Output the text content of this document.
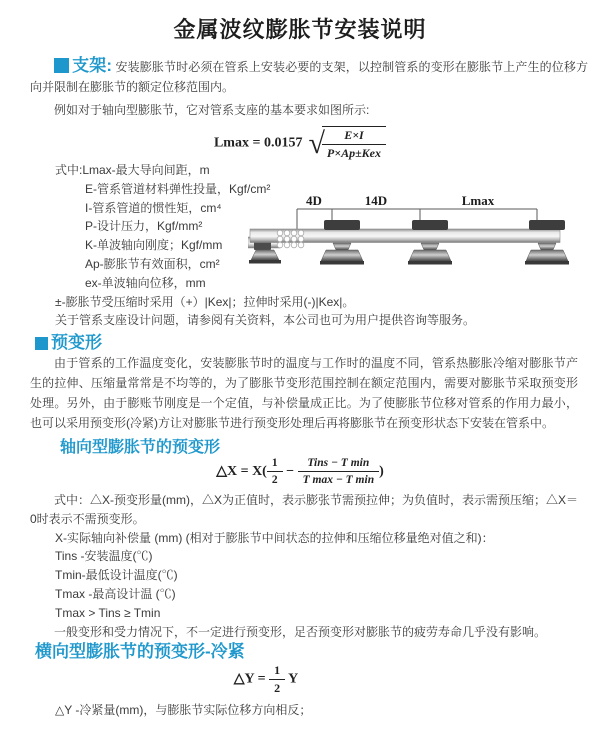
金属波纹膨胀节安装说明

支架: 安装膨胀节时必须在管系上安装必要的支架，以控制管系的变形在膨胀节上产生的位移方向并限制在膨胀节的额定位移范围内。

例如对于轴向型膨胀节，它对管系支座的基本要求如图所示:

Lmax = 0.0157 √
$\frac{E\times I}{\text{P×Ap±Kex}}$
式中:Lmax-最大导向间距，m
E-管系管道材料弹性投量，Kgf/cm²
I-管系管道的惯性矩，cm⁴
P-设计压力，Kgf/mm²
K-单波轴向刚度；Kgf/mm
Ap-膨胀节有效面积，cm²
ex-单波轴向位移，mm
±-膨胀节受压缩时采用（+）|Kex|；拉伸时采用(-)|Kex|。
关于管系支座设计问题，请参阅有关资料，本公司也可为用户提供咨询等服务。
4D	14D	Lmax
预变形

由于管系的工作温度变化，安装膨胀节时的温度与工作时的温度不同，管系热膨胀冷缩对膨胀节产生的拉伸、压缩量常常是不均等的，为了膨胀节变形范围控制在额定范围内，需要对膨胀节采取预变形处理。另外，由于膨账节刚度是一个定值，与补偿量成正比。为了使膨胀节位移对管系的作用力最小，也可以采用预变形(冷紧)方让对膨胀节进行预变形处理后再将膨胀节在预变形状态下安装在管系中。

轴向型膨胀节的预变形
△X = $X( \frac{1}{2} - \frac{\text{Tins − T min}}{\text{T max − T min}}$ )

式中：△X-预变形量(mm)，△X为正值时，表示膨张节需预拉伸；为负值时，表示需预压缩；△X＝0时表示不需预变形。

X-实际轴向补偿量 (mm) (相对于膨胀节中间状态的拉伸和压缩位移量绝对值之和)：
Tins -安装温度(℃)
Tmin-最低设计温度(℃)
Tmax -最高设计温 (℃)
Tmax > Tins ≥ Tmin
一般变形和受力情况下，不一定进行预变形，足否预变形对膨胀节的疲劳寿命几乎没有影响。
横向型膨胀节的预变形-冷紧
△Y = $\frac{1}{2}$ Y

△Y -冷紧量(mm)，与膨胀节实际位移方向相反；
